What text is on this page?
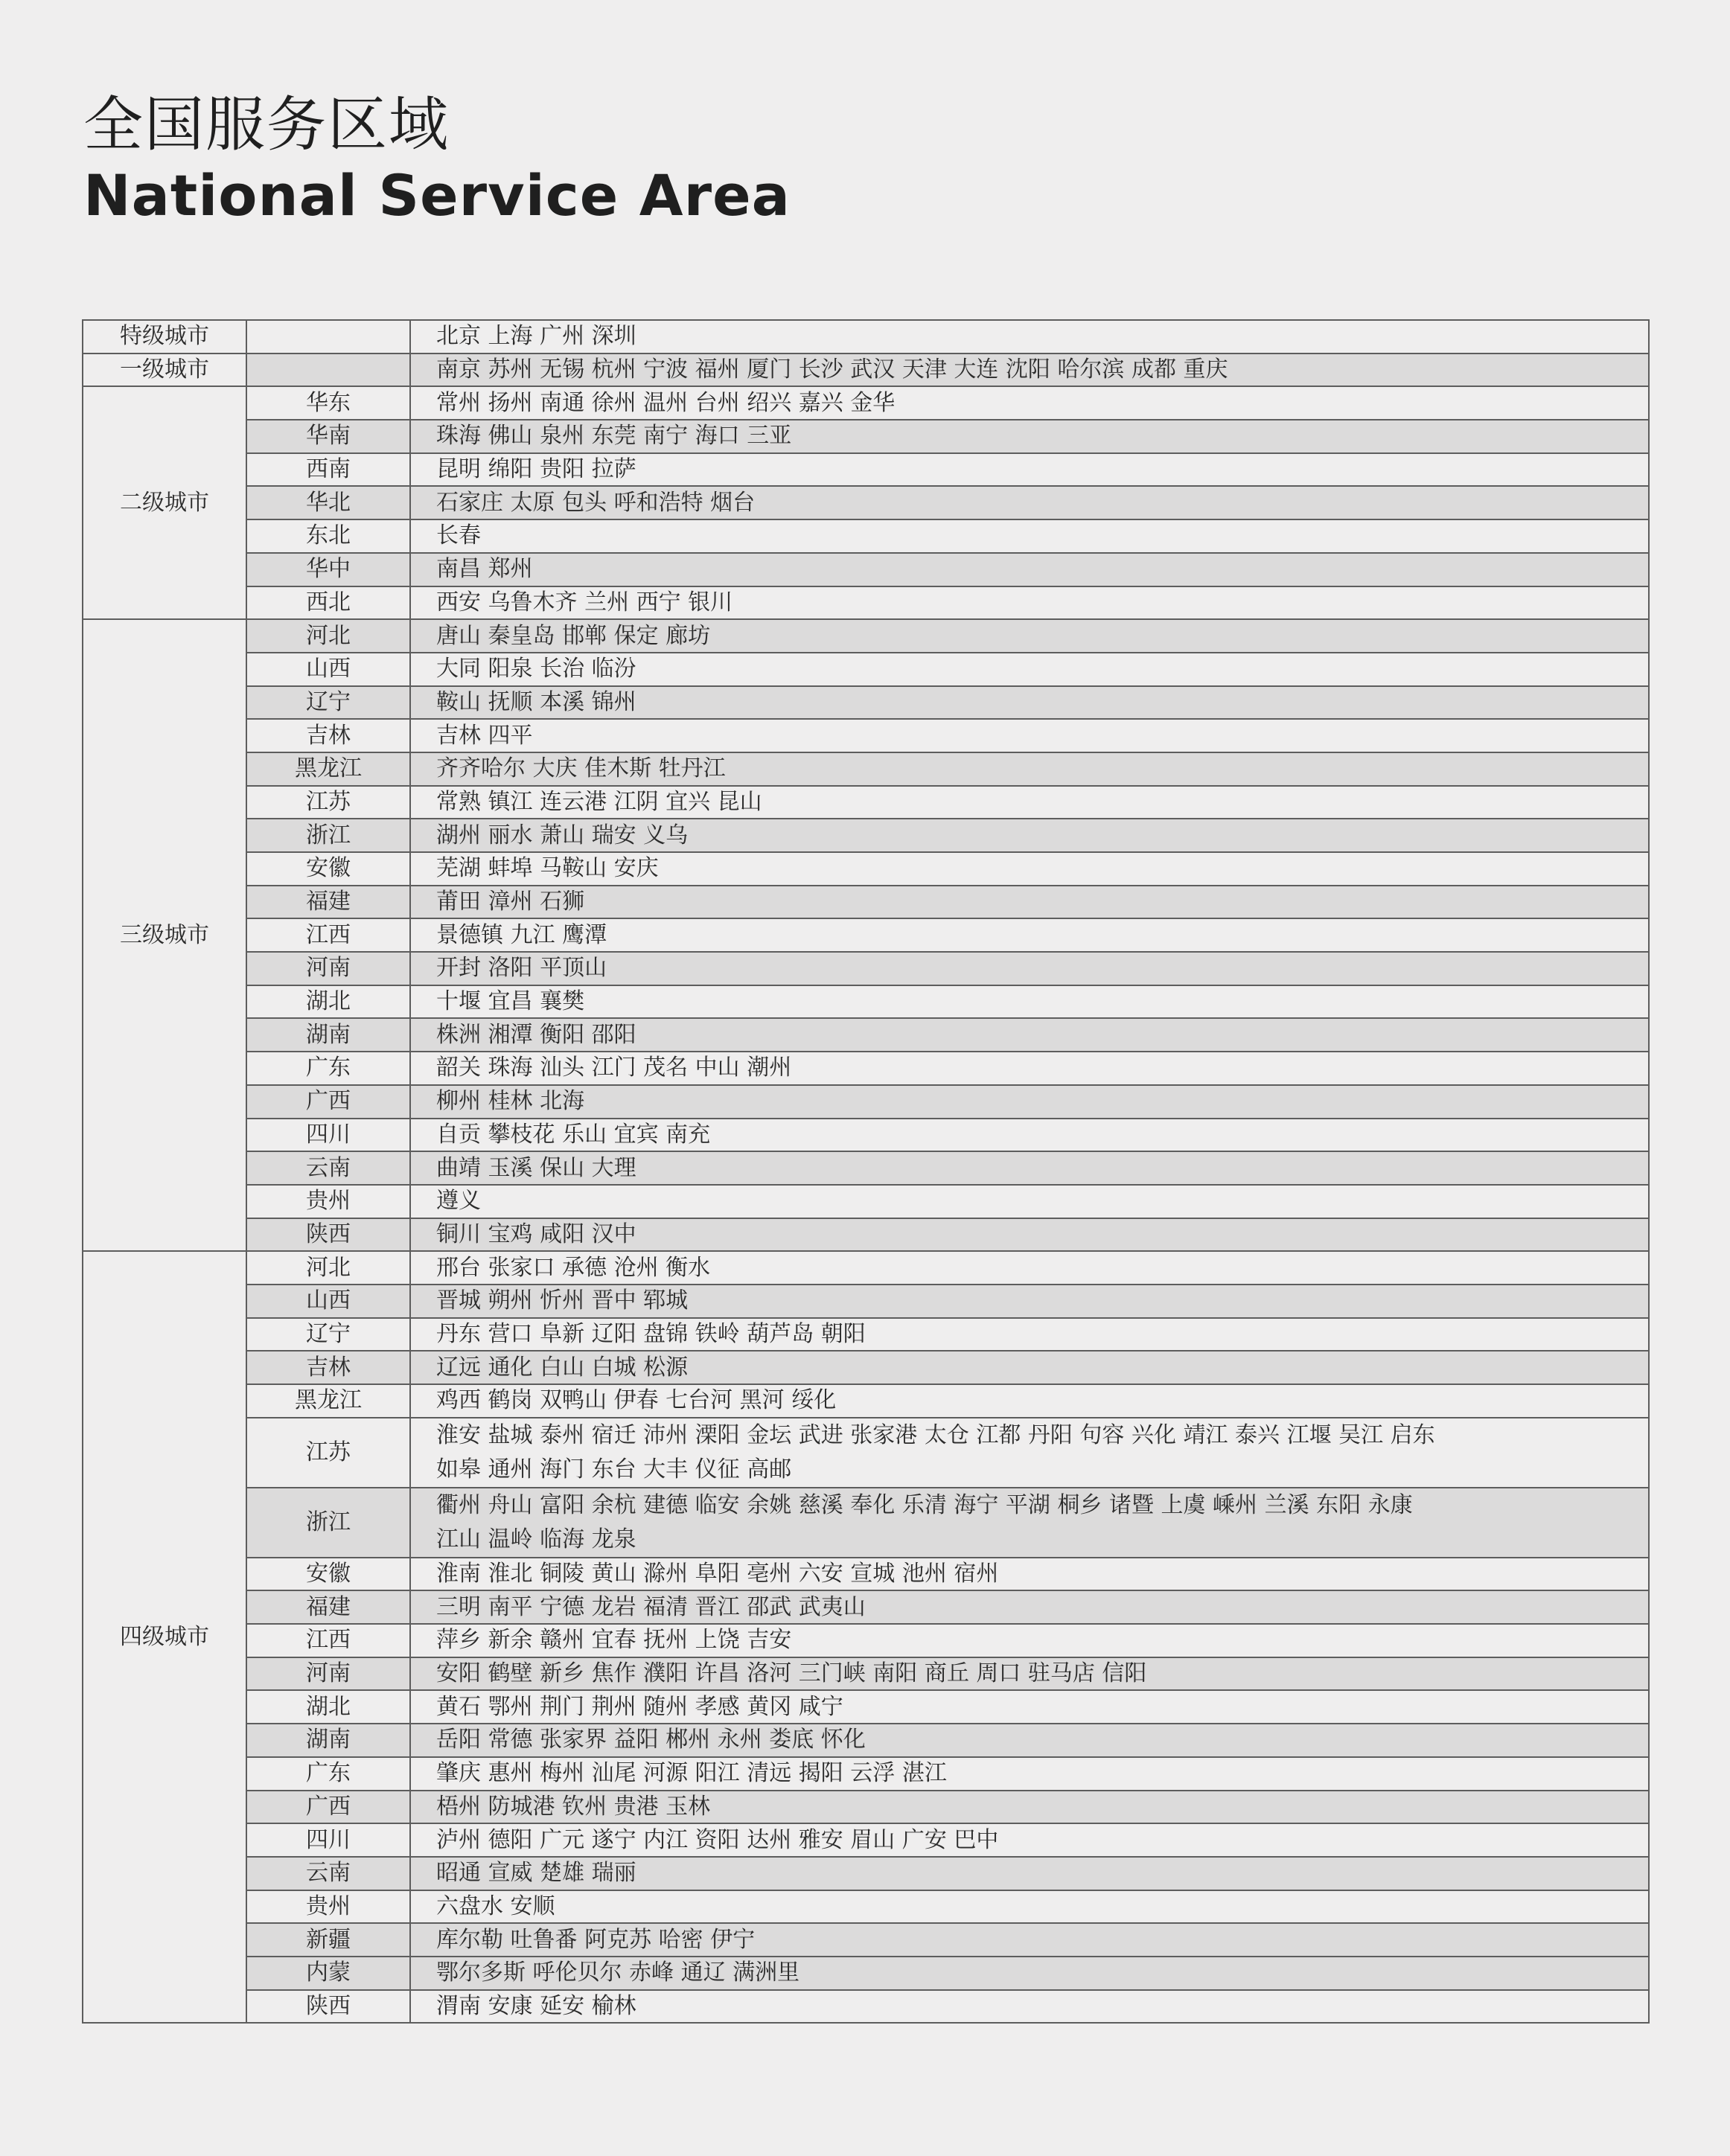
全国服务区域
National Service Area
特级城市		北京 上海 广州 深圳

一级城市		南京 苏州 无锡 杭州 宁波 福州 厦门 长沙 武汉 天津 大连 沈阳 哈尔滨 成都 重庆

二级城市	华东	常州 扬州 南通 徐州 温州 台州 绍兴 嘉兴 金华

	华南	珠海 佛山 泉州 东莞 南宁 海口 三亚

	西南	昆明 绵阳 贵阳 拉萨

	华北	石家庄 太原 包头 呼和浩特 烟台

	东北	长春

	华中	南昌 郑州

	西北	西安 乌鲁木齐 兰州 西宁 银川

三级城市	河北	唐山 秦皇岛 邯郸 保定 廊坊

	山西	大同 阳泉 长治 临汾

	辽宁	鞍山 抚顺 本溪 锦州

	吉林	吉林 四平

	黑龙江	齐齐哈尔 大庆 佳木斯 牡丹江

	江苏	常熟 镇江 连云港 江阴 宜兴 昆山

	浙江	湖州 丽水 萧山 瑞安 义乌

	安徽	芜湖 蚌埠 马鞍山 安庆

	福建	莆田 漳州 石狮

	江西	景德镇 九江 鹰潭

	河南	开封 洛阳 平顶山

	湖北	十堰 宜昌 襄樊

	湖南	株洲 湘潭 衡阳 邵阳

	广东	韶关 珠海 汕头 江门 茂名 中山 潮州

	广西	柳州 桂林 北海

	四川	自贡 攀枝花 乐山 宜宾 南充

	云南	曲靖 玉溪 保山 大理

	贵州	遵义

	陕西	铜川 宝鸡 咸阳 汉中

四级城市	河北	邢台 张家口 承德 沧州 衡水

	山西	晋城 朔州 忻州 晋中 郓城

	辽宁	丹东 营口 阜新 辽阳 盘锦 铁岭 葫芦岛 朝阳

	吉林	辽远 通化 白山 白城 松源

	黑龙江	鸡西 鹤岗 双鸭山 伊春 七台河 黑河 绥化

	江苏	淮安 盐城 泰州 宿迁 沛州 溧阳 金坛 武进 张家港 太仓 江都 丹阳 句容 兴化 靖江 泰兴 江堰 吴江 启东
如皋 通州 海门 东台 大丰 仪征 高邮

	浙江	衢州 舟山 富阳 余杭 建德 临安 余姚 慈溪 奉化 乐清 海宁 平湖 桐乡 诸暨 上虞 嵊州 兰溪 东阳 永康
江山 温岭 临海 龙泉

	安徽	淮南 淮北 铜陵 黄山 滁州 阜阳 亳州 六安 宣城 池州 宿州

	福建	三明 南平 宁德 龙岩 福清 晋江 邵武 武夷山

	江西	萍乡 新余 赣州 宜春 抚州 上饶 吉安

	河南	安阳 鹤壁 新乡 焦作 濮阳 许昌 洛河 三门峡 南阳 商丘 周口 驻马店 信阳

	湖北	黄石 鄂州 荆门 荆州 随州 孝感 黄冈 咸宁

	湖南	岳阳 常德 张家界 益阳 郴州 永州 娄底 怀化

	广东	肇庆 惠州 梅州 汕尾 河源 阳江 清远 揭阳 云浮 湛江

	广西	梧州 防城港 钦州 贵港 玉林

	四川	泸州 德阳 广元 遂宁 内江 资阳 达州 雅安 眉山 广安 巴中

	云南	昭通 宣威 楚雄 瑞丽

	贵州	六盘水 安顺

	新疆	库尔勒 吐鲁番 阿克苏 哈密 伊宁

	内蒙	鄂尔多斯 呼伦贝尔 赤峰 通辽 满洲里

	陕西	渭南 安康 延安 榆林
